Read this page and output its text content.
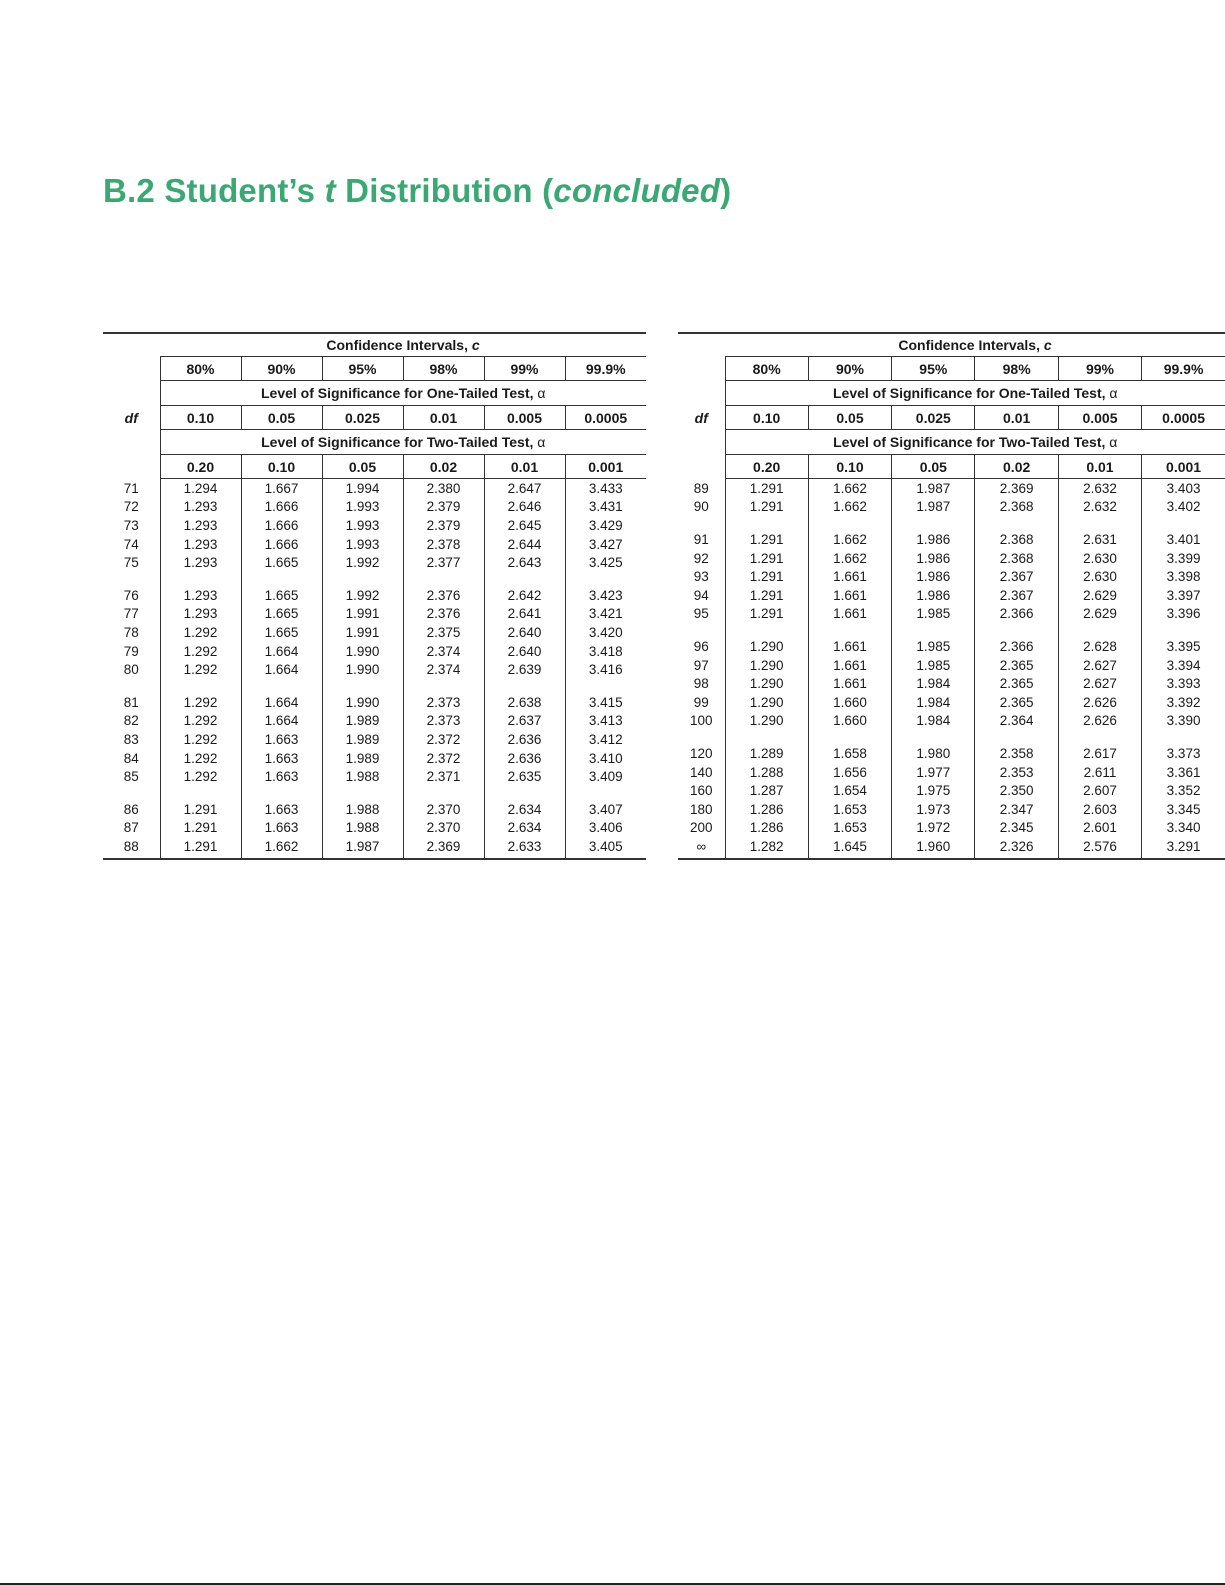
B.2 Student’s t Distribution (concluded)
	Confidence Intervals, c					
df	80%	90%	95%	98%	99%	99.9%
	Level of Significance for One-Tailed Test, α					
	0.10	0.05	0.025	0.01	0.005	0.0005
	Level of Significance for Two-Tailed Test, α					
	0.20	0.10	0.05	0.02	0.01	0.001
71	1.294	1.667	1.994	2.380	2.647	3.433
72	1.293	1.666	1.993	2.379	2.646	3.431
73	1.293	1.666	1.993	2.379	2.645	3.429
74	1.293	1.666	1.993	2.378	2.644	3.427
75	1.293	1.665	1.992	2.377	2.643	3.425
76	1.293	1.665	1.992	2.376	2.642	3.423
77	1.293	1.665	1.991	2.376	2.641	3.421
78	1.292	1.665	1.991	2.375	2.640	3.420
79	1.292	1.664	1.990	2.374	2.640	3.418
80	1.292	1.664	1.990	2.374	2.639	3.416
81	1.292	1.664	1.990	2.373	2.638	3.415
82	1.292	1.664	1.989	2.373	2.637	3.413
83	1.292	1.663	1.989	2.372	2.636	3.412
84	1.292	1.663	1.989	2.372	2.636	3.410
85	1.292	1.663	1.988	2.371	2.635	3.409
86	1.291	1.663	1.988	2.370	2.634	3.407
87	1.291	1.663	1.988	2.370	2.634	3.406
88	1.291	1.662	1.987	2.369	2.633	3.405
	Confidence Intervals, c					
df	80%	90%	95%	98%	99%	99.9%
	Level of Significance for One-Tailed Test, α					
	0.10	0.05	0.025	0.01	0.005	0.0005
	Level of Significance for Two-Tailed Test, α					
	0.20	0.10	0.05	0.02	0.01	0.001
89	1.291	1.662	1.987	2.369	2.632	3.403
90	1.291	1.662	1.987	2.368	2.632	3.402
91	1.291	1.662	1.986	2.368	2.631	3.401
92	1.291	1.662	1.986	2.368	2.630	3.399
93	1.291	1.661	1.986	2.367	2.630	3.398
94	1.291	1.661	1.986	2.367	2.629	3.397
95	1.291	1.661	1.985	2.366	2.629	3.396
96	1.290	1.661	1.985	2.366	2.628	3.395
97	1.290	1.661	1.985	2.365	2.627	3.394
98	1.290	1.661	1.984	2.365	2.627	3.393
99	1.290	1.660	1.984	2.365	2.626	3.392
100	1.290	1.660	1.984	2.364	2.626	3.390
120	1.289	1.658	1.980	2.358	2.617	3.373
140	1.288	1.656	1.977	2.353	2.611	3.361
160	1.287	1.654	1.975	2.350	2.607	3.352
180	1.286	1.653	1.973	2.347	2.603	3.345
200	1.286	1.653	1.972	2.345	2.601	3.340
∞	1.282	1.645	1.960	2.326	2.576	3.291
